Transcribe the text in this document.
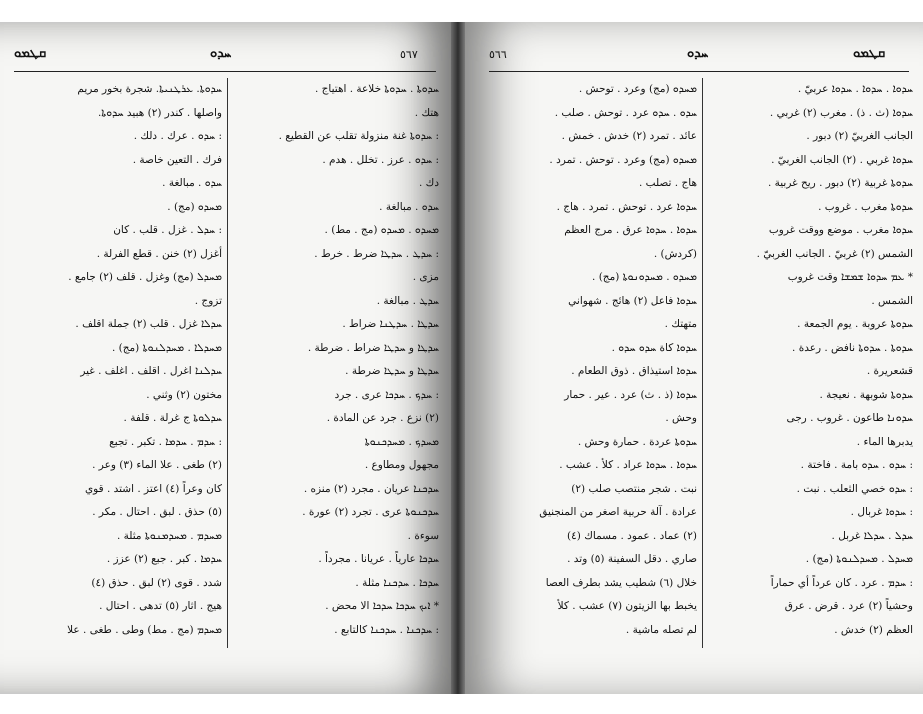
ܩܛܡܘ	ܚܕܘ	٥٦٧
ܚܕܘܬܐ. ܥܪܛܢܝܬܐ. شجرة بخور مريم
واصلها . كندر (٢) هبيد ܚܕܘܬܐ.
: ܚܕܘ . عرك . دلك .
فرك . التعين خاصة .
ܚܕܘ . مبالغة .
ܡܚܕܘ (مج) .
: ܚܕܠ . غزل . قلب . كان
أغزل (٢) خنن . قطع الفرلة .
ܡܚܕܠ (مج) وغزل . قلف (٢) جامع .
تزوج .
ܚܕܠܐ غزل . قلب (٢) جملة اقلف .
ܡܚܕܠܐ . ܡܚܕܠܢܘܬܐ (مج) .
ܚܕܠܢܐ اغرل . اقلف . اغلف . غير
مختون (٢) وثني .
ܚܕܠܘܬܐ ج غرلة . قلفة .
: ܚܕܡ . ܚܕܡܐ . تكبر . تجبع
(٢) طغى . علا الماء (٣) وعر .
كان وعراً (٤) اعتز . اشتد . قوي
(٥) حذق . لبق . احتال . مكر .
ܡܚܕܡ . ܡܚܕܡܢܘܬܐ مثلة .
ܚܕܡܐ . كبر . جبع (٢) عزز .
شدد . قوى (٢) لبق . حذق (٤)
هيج . اثار (٥) تدهى . احتال .
ܡܚܕܡ (مج . مط) وطى . طغى . علا
ܚܕܘܬܐ . ܚܕܘܬܐ خلاعة . اهتياج .
هتك .
: ܚܕܘܬܐ غنة منزولة تقلب عن القطيع .
: ܚܕܘ . عرز . تخلل . هدم .
دك .
ܚܕܘ . مبالغة .
ܡܚܕܘ . ܡܚܕܘ (مج . مط) .
: ܚܕܛ . ܚܕܛܐ ضرط . خرط .
مزى .
ܚܕܛ . مبالغة .
ܚܕܛܐ . ܚܕܛܢܐ ضراط .
ܚܕܛܐ و ܚܕܛܐ ضراط . ضرطة .
ܚܕܛܐ و ܚܕܛܐ ضرطة .
: ܚܕܟ . ܚܕܟܐ عرى . جرد
(٢) نزع . جرد عن المادة .
ܡܚܕܟ . ܡܚܕܟܢܘܬܐ
مجهول ومطاوع .
ܚܕܟܢܐ عريان . مجرد (٢) منزه .
ܚܕܟܢܘܬܐ عرى . تجرد (٢) عورة .
سوءة .
ܚܕܟܐ عارياً . عريانا . مجرداً .
ܚܕܟܐ . ܚܕܟܢܐ مثلة .
* ܐܝܟ ܚܕܟܐ ܚܕܟܐ الا محض .
: ܚܕܟܢܐ . ܚܕܟܢܐ كالتابع .
٥٦٦	ܚܕܘ	ܩܛܡܘ
ܡܚܕܘ (مج) وعرد . توحش .
ܚܕܘ . ܚܕܘ عرد . توحش . صلب .
عائد . تمرد (٢) خدش . خمش .
ܡܚܕܘ (مج) وعرد . توحش . تمرد .
هاج . تصلب .
ܚܕܘܐ عرد . توحش . تمرد . هاج .
ܚܕܘܐ . ܚܕܘܐ عرق . مرج العظم
(كردش) .
ܡܚܕܘ . ܡܚܕܘܢܘܬܐ (مج) .
ܚܕܘܐ فاعل (٢) هائج . شهواني
متهتك .
ܚܕܘܐ كاة ܚܕܘ ܚܕܘ .
ܚܕܘܐ استيذاق . ذوق الطعام .
ܚܕܘܐ (ذ . ث) عرد . عير . حمار
وحش .
ܚܕܘܬܐ عردة . حمارة وحش .
ܚܕܘܐ . ܚܕܘܐ عراد . كلأ . عشب .
نبت . شجر منتصب صلب (٢)
عرادة . آلة حربية اصغر من المنجنيق
(٢) عماد . عمود . مسماك (٤)
صاري . دقل السفينة (٥) وتد .
خلال (٦) شطيب يشد بطرف العصا
يخبط بها الزيتون (٧) عشب . كلأ
لم تصله ماشية .
ܚܕܘܐ . ܚܕܘܐ . ܚܕܘܐ عربيّ .
ܚܕܘܐ (ث . ذ) . مغرب (٢) غربي .
الجانب الغربيّ (٢) دبور .
ܚܕܘܐ غربي . (٢) الجانب الغربيّ .
ܚܕܘܬܐ غربية (٢) دبور . ريح غربية .
ܚܕܘܬܐ مغرب . غروب .
ܚܕܘܐ مغرب . موضع ووقت غروب
الشمس (٢) غربيّ . الجانب الغربيّ .
* ܥܡ ܚܕܘܐ ܫܡܫܐ وقت غروب
الشمس .
ܚܕܘܬܐ عروبة . يوم الجمعة .
ܚܕܘܬܐ . ܚܕܘܬܐ نافض . رعدة .
قشعريرة .
ܚܕܘܬܐ شوبهة . نعيجة .
ܚܕܘܢܐ طاعون . غروب . رجى
يدبرها الماء .
: ܚܕܘ . ܚܕܘ بامة . فاختة .
: ܚܕܘ خصي الثعلب . نبت .
: ܚܕܘܐ غربال .
ܚܕܠ . ܚܕܠܐ غربل .
ܡܚܕܠ . ܡܚܕܠܢܘܬܐ (مج) .
: ܚܕܡ . عرد . كان عرداً أي حماراً
وحشياً (٢) عرد . قرض . عرق
العظم (٢) خدش .
